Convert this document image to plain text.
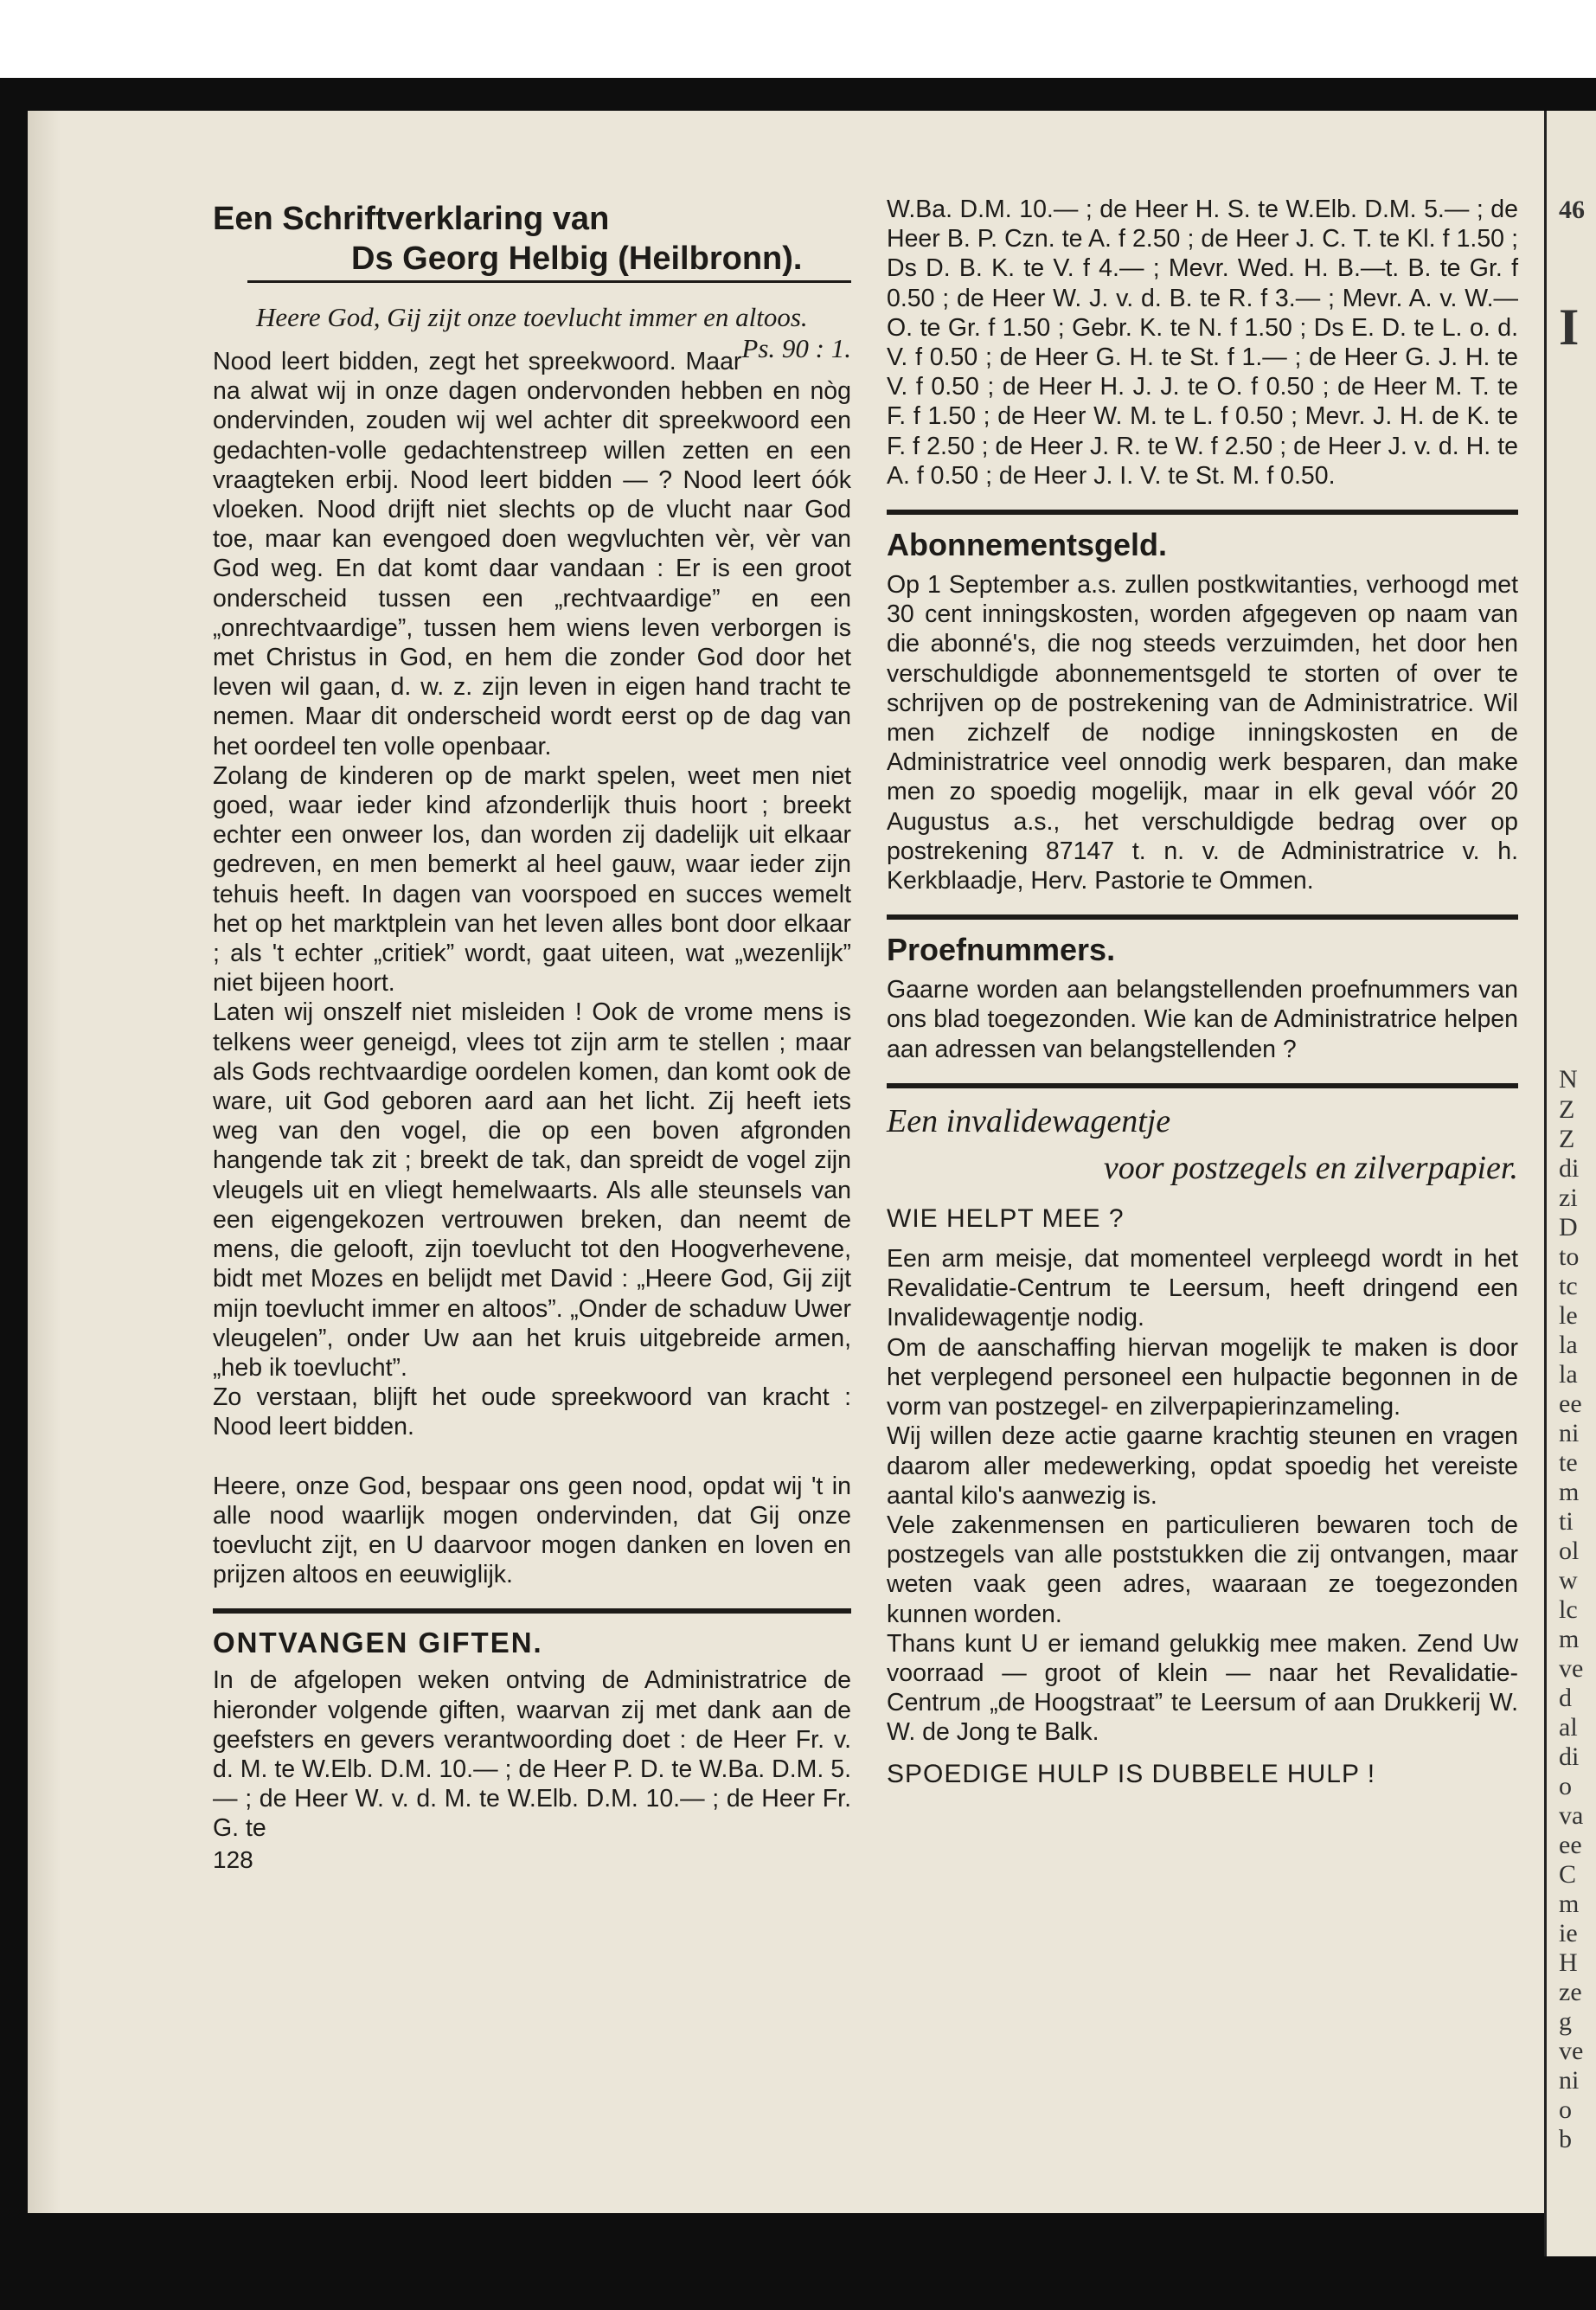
46
I
N
Z
Z
di
zi
D
to
tc
le
la
la
ee
ni
te
m
ti
ol
w
lc
m
ve
d
al
di
o
va
ee
C
m
ie
H
ze
g
ve
ni
o
b
Een Schriftverklaring van
Ds Georg Helbig (Heilbronn).
Heere God, Gij zijt onze toevlucht immer en altoos.
Ps. 90 : 1.

Nood leert bidden, zegt het spreekwoord. Maar na alwat wij in onze dagen ondervonden hebben en nòg ondervinden, zouden wij wel achter dit spreekwoord een gedachten-volle gedachtenstreep willen zetten en een vraagteken erbij. Nood leert bidden — ? Nood leert óók vloeken. Nood drijft niet slechts op de vlucht naar God toe, maar kan evengoed doen wegvluchten vèr, vèr van God weg. En dat komt daar vandaan : Er is een groot onderscheid tussen een „rechtvaardige” en een „onrechtvaardige”, tussen hem wiens leven verborgen is met Christus in God, en hem die zonder God door het leven wil gaan, d. w. z. zijn leven in eigen hand tracht te nemen. Maar dit onderscheid wordt eerst op de dag van het oordeel ten volle openbaar.

Zolang de kinderen op de markt spelen, weet men niet goed, waar ieder kind afzonderlijk thuis hoort ; breekt echter een onweer los, dan worden zij dadelijk uit elkaar gedreven, en men bemerkt al heel gauw, waar ieder zijn tehuis heeft. In dagen van voorspoed en succes wemelt het op het marktplein van het leven alles bont door elkaar ; als 't echter „critiek” wordt, gaat uiteen, wat „wezenlijk” niet bijeen hoort.

Laten wij onszelf niet misleiden ! Ook de vrome mens is telkens weer geneigd, vlees tot zijn arm te stellen ; maar als Gods rechtvaardige oordelen komen, dan komt ook de ware, uit God geboren aard aan het licht. Zij heeft iets weg van den vogel, die op een boven afgronden hangende tak zit ; breekt de tak, dan spreidt de vogel zijn vleugels uit en vliegt hemelwaarts. Als alle steunsels van een eigengekozen vertrouwen breken, dan neemt de mens, die gelooft, zijn toevlucht tot den Hoogverhevene, bidt met Mozes en belijdt met David : „Heere God, Gij zijt mijn toevlucht immer en altoos”. „Onder de schaduw Uwer vleugelen”, onder Uw aan het kruis uitgebreide armen, „heb ik toevlucht”.

Zo verstaan, blijft het oude spreekwoord van kracht : Nood leert bidden.

Heere, onze God, bespaar ons geen nood, opdat wij 't in alle nood waarlijk mogen ondervinden, dat Gij onze toevlucht zijt, en U daarvoor mogen danken en loven en prijzen altoos en eeuwiglijk.

ONTVANGEN GIFTEN.

In de afgelopen weken ontving de Administratrice de hieronder volgende giften, waarvan zij met dank aan de geefsters en gevers verantwoording doet : de Heer Fr. v. d. M. te W.Elb. D.M. 10.— ; de Heer P. D. te W.Ba. D.M. 5.— ; de Heer W. v. d. M. te W.Elb. D.M. 10.— ; de Heer Fr. G. te

128

W.Ba. D.M. 10.— ; de Heer H. S. te W.Elb. D.M. 5.— ; de Heer B. P. Czn. te A. f 2.50 ; de Heer J. C. T. te Kl. f 1.50 ; Ds D. B. K. te V. f 4.— ; Mevr. Wed. H. B.—t. B. te Gr. f 0.50 ; de Heer W. J. v. d. B. te R. f 3.— ; Mevr. A. v. W.—O. te Gr. f 1.50 ; Gebr. K. te N. f 1.50 ; Ds E. D. te L. o. d. V. f 0.50 ; de Heer G. H. te St. f 1.— ; de Heer G. J. H. te V. f 0.50 ; de Heer H. J. J. te O. f 0.50 ; de Heer M. T. te F. f 1.50 ; de Heer W. M. te L. f 0.50 ; Mevr. J. H. de K. te F. f 2.50 ; de Heer J. R. te W. f 2.50 ; de Heer J. v. d. H. te A. f 0.50 ; de Heer J. I. V. te St. M. f 0.50.

Abonnementsgeld.

Op 1 September a.s. zullen postkwitanties, verhoogd met 30 cent inningskosten, worden afgegeven op naam van die abonné's, die nog steeds verzuimden, het door hen verschuldigde abonnementsgeld te storten of over te schrijven op de postrekening van de Administratrice. Wil men zichzelf de nodige inningskosten en de Administratrice veel onnodig werk besparen, dan make men zo spoedig mogelijk, maar in elk geval vóór 20 Augustus a.s., het verschuldigde bedrag over op postrekening 87147 t. n. v. de Administratrice v. h. Kerkblaadje, Herv. Pastorie te Ommen.

Proefnummers.

Gaarne worden aan belangstellenden proefnummers van ons blad toegezonden. Wie kan de Administratrice helpen aan adressen van belangstellenden ?

Een invalidewagentje
voor postzegels en zilverpapier.
WIE HELPT MEE ?

Een arm meisje, dat momenteel verpleegd wordt in het Revalidatie-Centrum te Leersum, heeft dringend een Invalidewagentje nodig.

Om de aanschaffing hiervan mogelijk te maken is door het verplegend personeel een hulpactie begonnen in de vorm van postzegel- en zilverpapierinzameling.

Wij willen deze actie gaarne krachtig steunen en vragen daarom aller medewerking, opdat spoedig het vereiste aantal kilo's aanwezig is.

Vele zakenmensen en particulieren bewaren toch de postzegels van alle poststukken die zij ontvangen, maar weten vaak geen adres, waaraan ze toegezonden kunnen worden.

Thans kunt U er iemand gelukkig mee maken. Zend Uw voorraad — groot of klein — naar het Revalidatie-Centrum „de Hoogstraat” te Leersum of aan Drukkerij W. W. de Jong te Balk.

SPOEDIGE HULP IS DUBBELE HULP !
